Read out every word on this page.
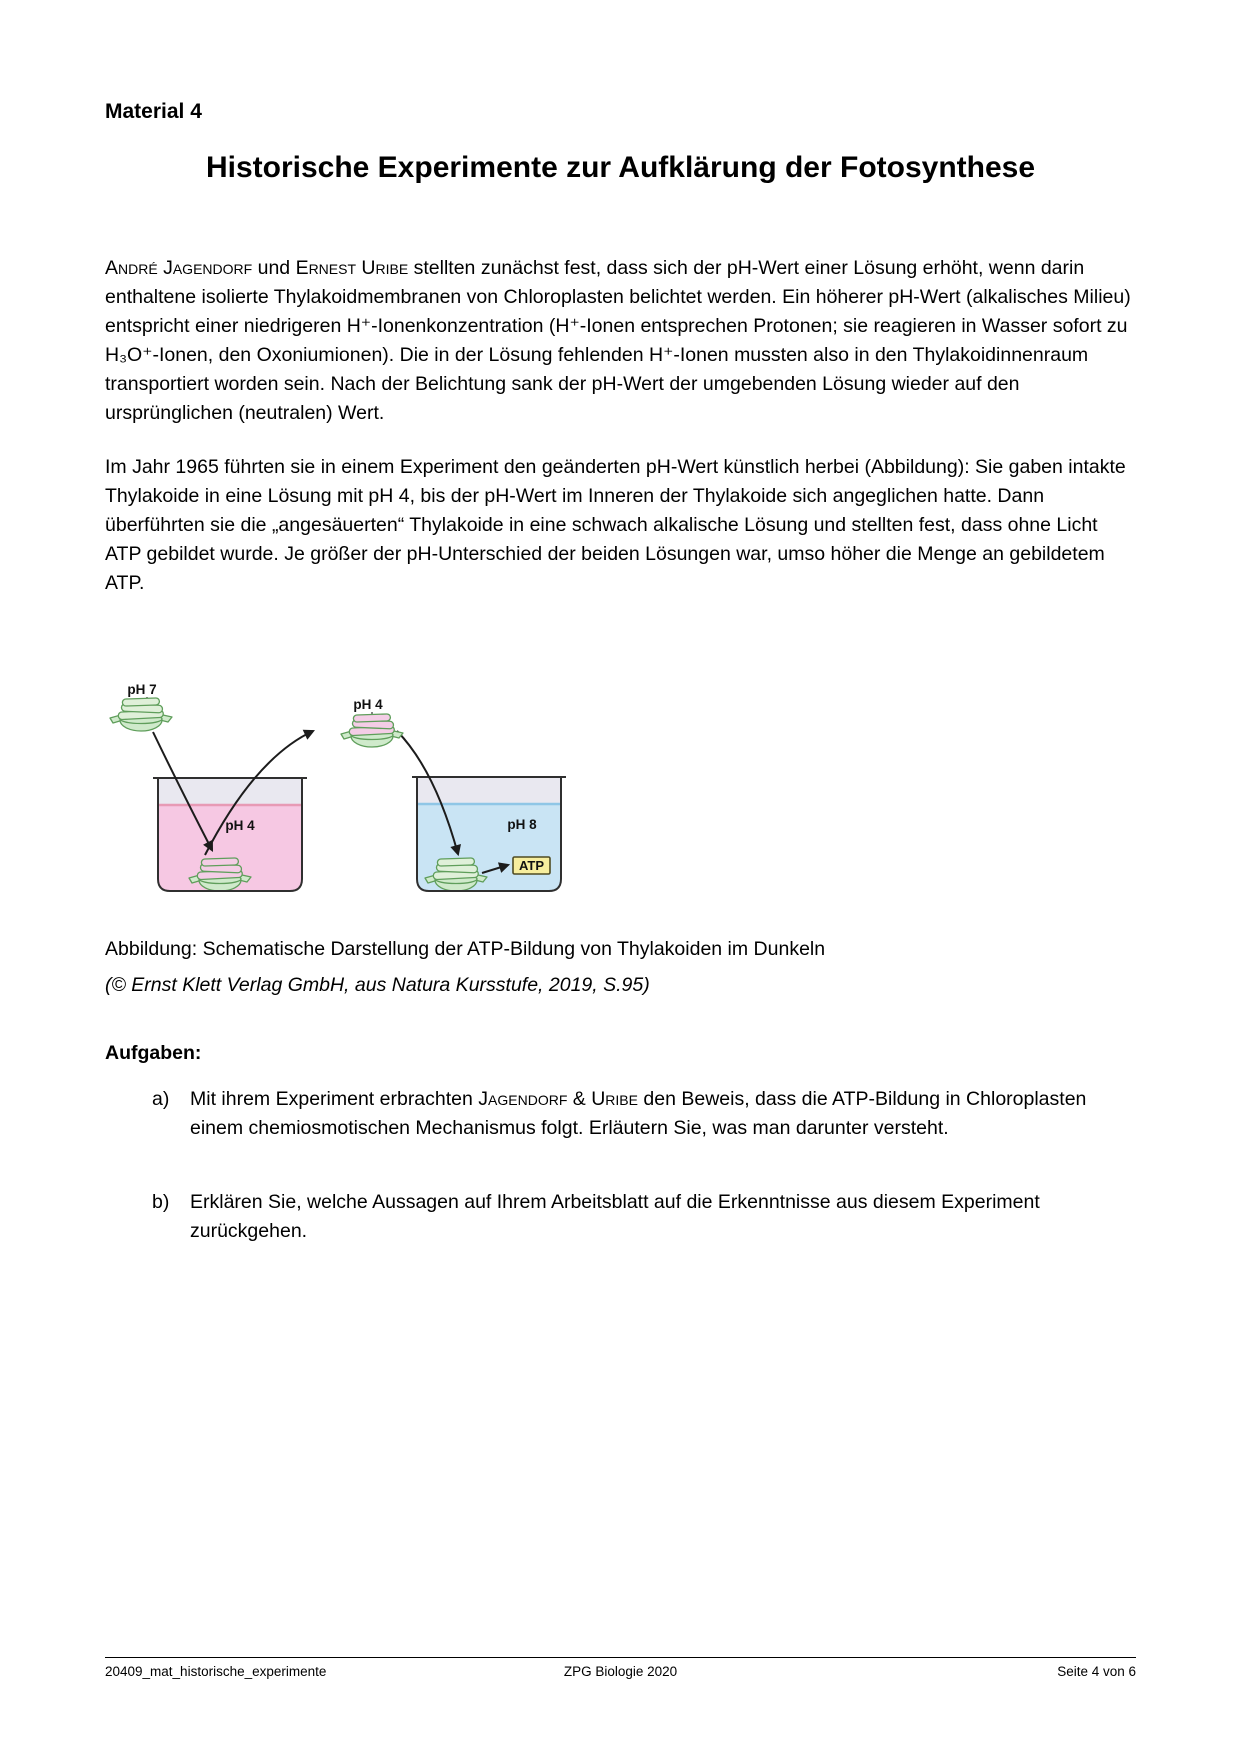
Material 4
Historische Experimente zur Aufklärung der Fotosynthese

André Jagendorf und Ernest Uribe stellten zunächst fest, dass sich der pH-Wert einer Lösung erhöht, wenn darin enthaltene isolierte Thylakoidmembranen von Chloroplasten belichtet werden. Ein höherer pH-Wert (alkalisches Milieu) entspricht einer niedrigeren H⁺-Ionenkonzentration (H⁺-Ionen entsprechen Protonen; sie reagieren in Wasser sofort zu H₃O⁺-Ionen, den Oxoniumionen). Die in der Lösung fehlenden H⁺-Ionen mussten also in den Thylakoidinnenraum transportiert worden sein. Nach der Belichtung sank der pH-Wert der umgebenden Lösung wieder auf den ursprünglichen (neutralen) Wert.

Im Jahr 1965 führten sie in einem Experiment den geänderten pH-Wert künstlich herbei (Abbildung): Sie gaben intakte Thylakoide in eine Lösung mit pH 4, bis der pH-Wert im Inneren der Thylakoide sich angeglichen hatte. Dann überführten sie die „angesäuerten“ Thylakoide in eine schwach alkalische Lösung und stellten fest, dass ohne Licht ATP gebildet wurde. Je größer der pH-Unterschied der beiden Lösungen war, umso höher die Menge an gebildetem ATP.

pH 4	pH 8
ATP
pH 7
pH 4

Abbildung: Schematische Darstellung der ATP-Bildung von Thylakoiden im Dunkeln

(© Ernst Klett Verlag GmbH, aus Natura Kursstufe, 2019, S.95)

Aufgaben:
a) Mit ihrem Experiment erbrachten Jagendorf & Uribe den Beweis, dass die ATP-Bildung in Chloroplasten einem chemiosmotischen Mechanismus folgt. Erläutern Sie, was man darunter versteht.
b) Erklären Sie, welche Aussagen auf Ihrem Arbeitsblatt auf die Erkenntnisse aus diesem Experiment zurückgehen.
20409_mat_historische_experimente	ZPG Biologie 2020	Seite 4 von 6
